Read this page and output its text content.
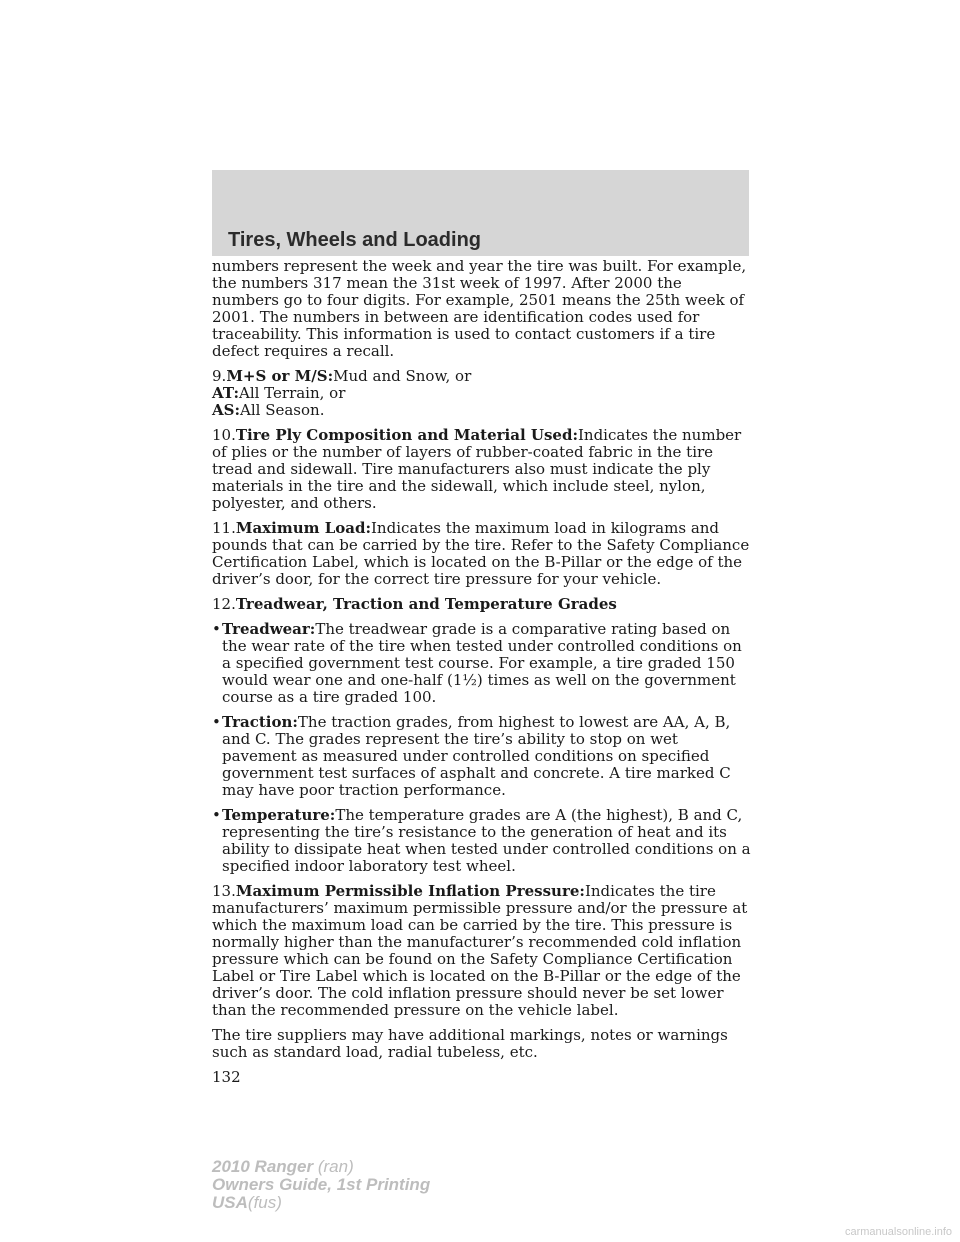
Tires, Wheels and Loading

numbers represent the week and year the tire was built. For example, the numbers 317 mean the 31st week of 1997. After 2000 the numbers go to four digits. For example, 2501 means the 25th week of 2001. The numbers in between are identification codes used for traceability. This information is used to contact customers if a tire defect requires a recall.

9.M+S or M/S:Mud and Snow, or
AT:All Terrain, or
AS:All Season.

10.Tire Ply Composition and Material Used:Indicates the number of plies or the number of layers of rubber-coated fabric in the tire tread and sidewall. Tire manufacturers also must indicate the ply materials in the tire and the sidewall, which include steel, nylon, polyester, and others.

11.Maximum Load:Indicates the maximum load in kilograms and pounds that can be carried by the tire. Refer to the Safety Compliance Certification Label, which is located on the B-Pillar or the edge of the driver’s door, for the correct tire pressure for your vehicle.

12.Treadwear, Traction and Temperature Grades

• Treadwear:The treadwear grade is a comparative rating based on the wear rate of the tire when tested under controlled conditions on a specified government test course. For example, a tire graded 150 would wear one and one-half (1½) times as well on the government course as a tire graded 100.
• Traction:The traction grades, from highest to lowest are AA, A, B, and C. The grades represent the tire’s ability to stop on wet pavement as measured under controlled conditions on specified government test surfaces of asphalt and concrete. A tire marked C may have poor traction performance.
• Temperature:The temperature grades are A (the highest), B and C, representing the tire’s resistance to the generation of heat and its ability to dissipate heat when tested under controlled conditions on a specified indoor laboratory test wheel.

13.Maximum Permissible Inflation Pressure:Indicates the tire manufacturers’ maximum permissible pressure and/or the pressure at which the maximum load can be carried by the tire. This pressure is normally higher than the manufacturer’s recommended cold inflation pressure which can be found on the Safety Compliance Certification Label or Tire Label which is located on the B-Pillar or the edge of the driver’s door. The cold inflation pressure should never be set lower than the recommended pressure on the vehicle label.

The tire suppliers may have additional markings, notes or warnings such as standard load, radial tubeless, etc.

132
2010 Ranger (ran)
Owners Guide, 1st Printing
USA(fus)
carmanualsonline.info
